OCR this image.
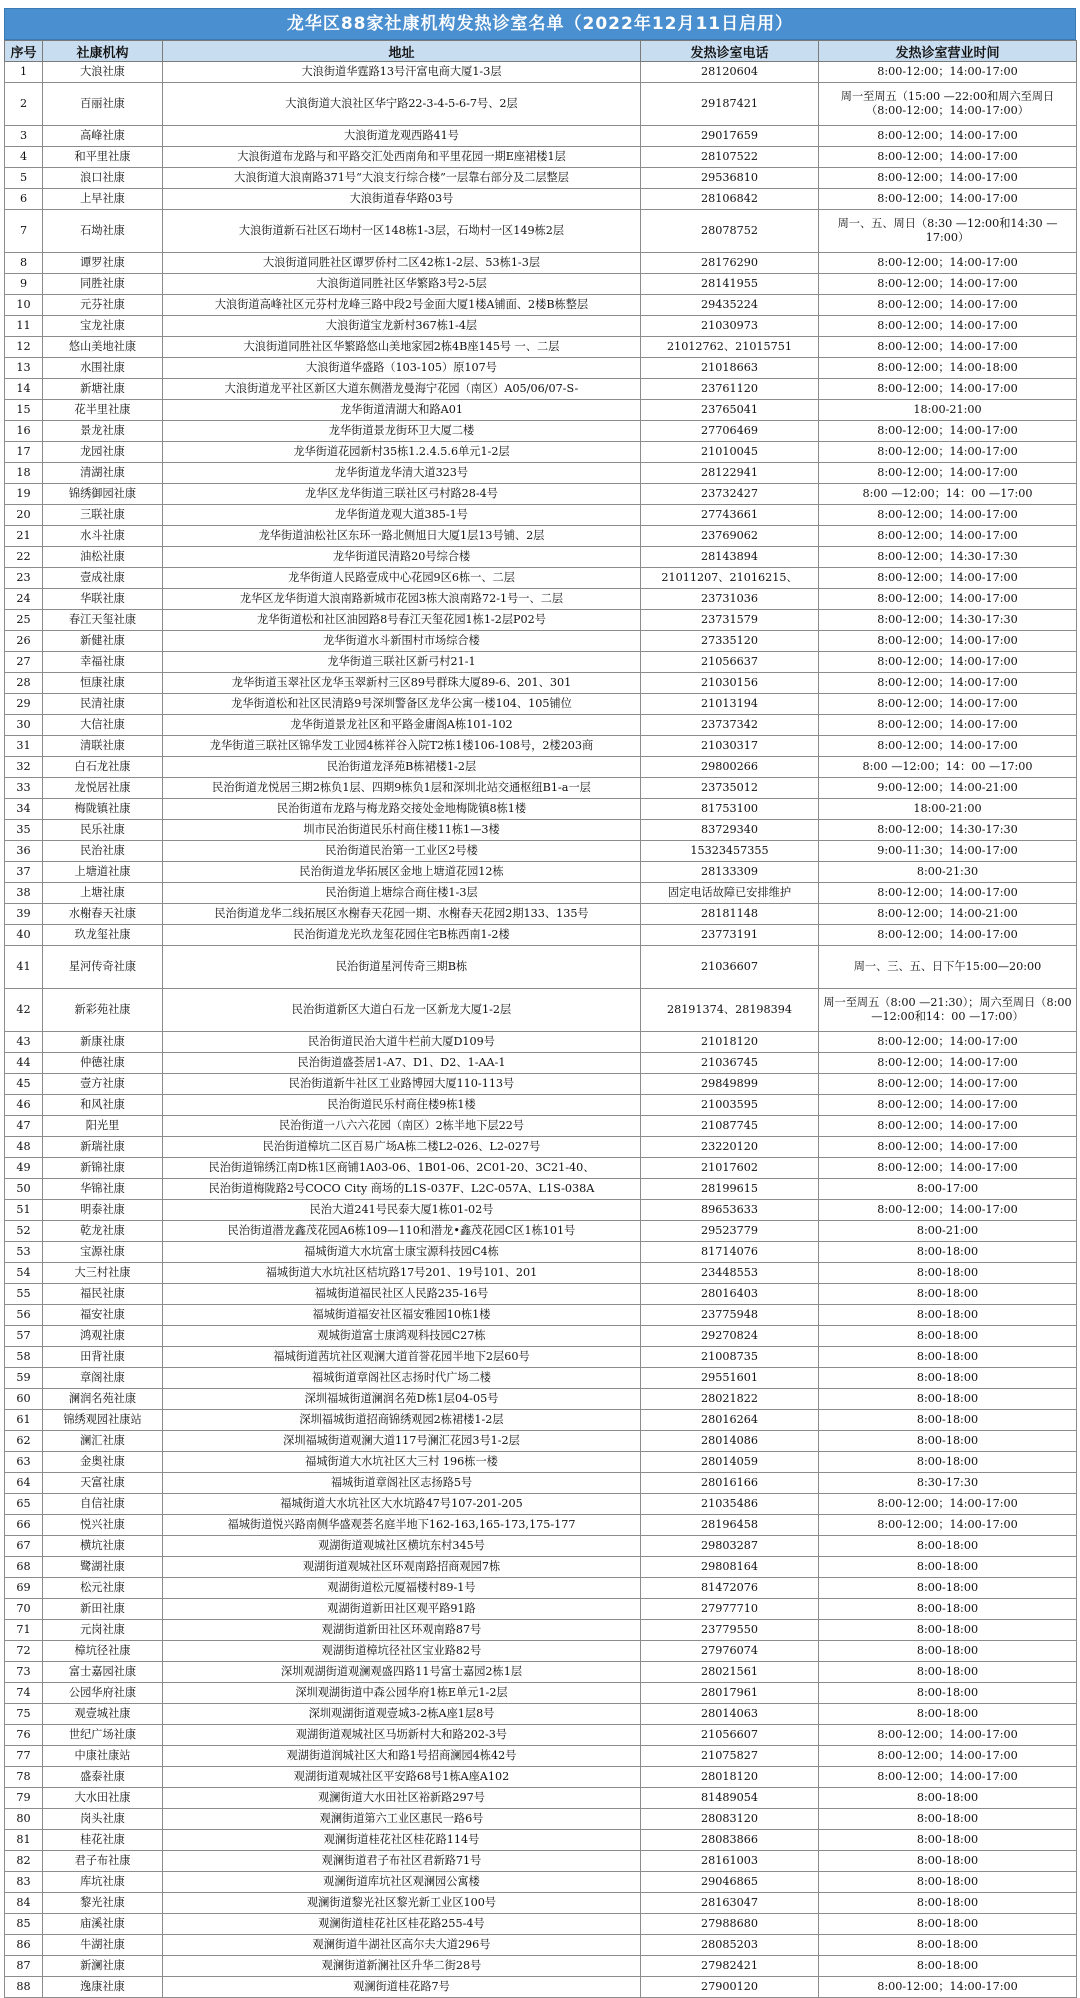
龙华区88家社康机构发热诊室名单（2022年12月11日启用）
序号	社康机构	地址	发热诊室电话	发热诊室营业时间
1	大浪社康	大浪街道华霆路13号汗富电商大厦1-3层	28120604	8:00-12:00；14:00-17:00
2	百丽社康	大浪街道大浪社区华宁路22-3-4-5-6-7号、2层	29187421	周一至周五（15:00 —22:00和周六至周日（8:00-12:00；14:00-17:00）
3	高峰社康	大浪街道龙观西路41号	29017659	8:00-12:00；14:00-17:00
4	和平里社康	大浪街道布龙路与和平路交汇处西南角和平里花园一期E座裙楼1层	28107522	8:00-12:00；14:00-17:00
5	浪口社康	大浪街道大浪南路371号“大浪支行综合楼”一层靠右部分及二层整层	29536810	8:00-12:00；14:00-17:00
6	上早社康	大浪街道春华路03号	28106842	8:00-12:00；14:00-17:00
7	石坳社康	大浪街道新石社区石坳村一区148栋1-3层，石坳村一区149栋2层	28078752	周一、五、周日（8:30 —12:00和14:30 —17:00）
8	谭罗社康	大浪街道同胜社区谭罗侨村二区42栋1-2层、53栋1-3层	28176290	8:00-12:00；14:00-17:00
9	同胜社康	大浪街道同胜社区华繁路3号2-5层	28141955	8:00-12:00；14:00-17:00
10	元芬社康	大浪街道高峰社区元芬村龙峰三路中段2号金面大厦1楼A铺面、2楼B栋整层	29435224	8:00-12:00；14:00-17:00
11	宝龙社康	大浪街道宝龙新村367栋1-4层	21030973	8:00-12:00；14:00-17:00
12	悠山美地社康	大浪街道同胜社区华繁路悠山美地家园2栋4B座145号 一、二层	21012762、21015751	8:00-12:00；14:00-17:00
13	水围社康	大浪街道华盛路（103-105）原107号	21018663	8:00-12:00；14:00-18:00
14	新塘社康	大浪街道龙平社区新区大道东侧潜龙曼海宁花园（南区）A05/06/07-S-	23761120	8:00-12:00；14:00-17:00
15	花半里社康	龙华街道清湖大和路A01	23765041	18:00-21:00
16	景龙社康	龙华街道景龙街环卫大厦二楼	27706469	8:00-12:00；14:00-17:00
17	龙园社康	龙华街道花园新村35栋1.2.4.5.6单元1-2层	21010045	8:00-12:00；14:00-17:00
18	清湖社康	龙华街道龙华清大道323号	28122941	8:00-12:00；14:00-17:00
19	锦绣御园社康	龙华区龙华街道三联社区弓村路28-4号	23732427	8:00 —12:00；14：00 —17:00
20	三联社康	龙华街道龙观大道385-1号	27743661	8:00-12:00；14:00-17:00
21	水斗社康	龙华街道油松社区东环一路北侧旭日大厦1层13号铺、2层	23769062	8:00-12:00；14:00-17:00
22	油松社康	龙华街道民清路20号综合楼	28143894	8:00-12:00；14:30-17:30
23	壹成社康	龙华街道人民路壹成中心花园9区6栋一、二层	21011207、21016215、	8:00-12:00；14:00-17:00
24	华联社康	龙华区龙华街道大浪南路新城市花园3栋大浪南路72-1号一、二层	23731036	8:00-12:00；14:00-17:00
25	春江天玺社康	龙华街道松和社区油园路8号春江天玺花园1栋1-2层P02号	23731579	8:00-12:00；14:30-17:30
26	新健社康	龙华街道水斗新围村市场综合楼	27335120	8:00-12:00；14:00-17:00
27	幸福社康	龙华街道三联社区新弓村21-1	21056637	8:00-12:00；14:00-17:00
28	恒康社康	龙华街道玉翠社区龙华玉翠新村三区89号群珠大厦89-6、201、301	21030156	8:00-12:00；14:00-17:00
29	民清社康	龙华街道松和社区民清路9号深圳警备区龙华公寓一楼104、105铺位	21013194	8:00-12:00；14:00-17:00
30	大信社康	龙华街道景龙社区和平路金庸阁A栋101-102	23737342	8:00-12:00；14:00-17:00
31	清联社康	龙华街道三联社区锦华发工业园4栋祥谷入院T2栋1楼106-108号，2楼203商	21030317	8:00-12:00；14:00-17:00
32	白石龙社康	民治街道龙泽苑B栋裙楼1-2层	29800266	8:00 —12:00；14：00 —17:00
33	龙悦居社康	民治街道龙悦居三期2栋负1层、四期9栋负1层和深圳北站交通枢纽B1-a一层	23735012	9:00-12:00；14:00-21:00
34	梅陇镇社康	民治街道布龙路与梅龙路交接处金地梅陇镇8栋1楼	81753100	18:00-21:00
35	民乐社康	圳市民治街道民乐村商住楼11栋1—3楼	83729340	8:00-12:00；14:30-17:30
36	民治社康	民治街道民治第一工业区2号楼	15323457355	9:00-11:30；14:00-17:00
37	上塘道社康	民治街道龙华拓展区金地上塘道花园12栋	28133309	8:00-21:30
38	上塘社康	民治街道上塘综合商住楼1-3层	固定电话故障已安排维护	8:00-12:00；14:00-17:00
39	水榭春天社康	民治街道龙华二线拓展区水榭春天花园一期、水榭春天花园2期133、135号	28181148	8:00-12:00；14:00-21:00
40	玖龙玺社康	民治街道龙光玖龙玺花园住宅B栋西南1-2楼	23773191	8:00-12:00；14:00-17:00
41	星河传奇社康	民治街道星河传奇三期B栋	21036607	周一、三、五、日下午15:00—20:00
42	新彩苑社康	民治街道新区大道白石龙一区新龙大厦1-2层	28191374、28198394	周一至周五（8:00 —21:30）；周六至周日（8:00 —12:00和14：00 —17:00）
43	新康社康	民治街道民治大道牛栏前大厦D109号	21018120	8:00-12:00；14:00-17:00
44	仲德社康	民治街道盛荟居1-A7、D1、D2、1-AA-1	21036745	8:00-12:00；14:00-17:00
45	壹方社康	民治街道新牛社区工业路博园大厦110-113号	29849899	8:00-12:00；14:00-17:00
46	和风社康	民治街道民乐村商住楼9栋1楼	21003595	8:00-12:00；14:00-17:00
47	阳光里	民治街道一八六六花园（南区）2栋半地下层22号	21087745	8:00-12:00；14:00-17:00
48	新瑞社康	民治街道樟坑二区百易广场A栋二楼L2-026、L2-027号	23220120	8:00-12:00；14:00-17:00
49	新锦社康	民治街道锦绣江南D栋1区商铺1A03-06、1B01-06、2C01-20、3C21-40、	21017602	8:00-12:00；14:00-17:00
50	华锦社康	民治街道梅陇路2号COCO City 商场的L1S-037F、L2C-057A、L1S-038A	28199615	8:00-17:00
51	明泰社康	民治大道241号民泰大厦1栋01-02号	89653633	8:00-12:00；14:00-17:00
52	乾龙社康	民治街道潜龙鑫茂花园A6栋109—110和潜龙•鑫茂花园C区1栋101号	29523779	8:00-21:00
53	宝源社康	福城街道大水坑富士康宝源科技园C4栋	81714076	8:00-18:00
54	大三村社康	福城街道大水坑社区桔坑路17号201、19号101、201	23448553	8:00-18:00
55	福民社康	福城街道福民社区人民路235-16号	28016403	8:00-18:00
56	福安社康	福城街道福安社区福安雅园10栋1楼	23775948	8:00-18:00
57	鸿观社康	观城街道富士康鸿观科技园C27栋	29270824	8:00-18:00
58	田背社康	福城街道茜坑社区观澜大道首誉花园半地下2层60号	21008735	8:00-18:00
59	章阁社康	福城街道章阁社区志扬时代广场二楼	29551601	8:00-18:00
60	澜润名苑社康	深圳福城街道澜润名苑D栋1层04-05号	28021822	8:00-18:00
61	锦绣观园社康站	深圳福城街道招商锦绣观园2栋裙楼1-2层	28016264	8:00-18:00
62	澜汇社康	深圳福城街道观澜大道117号澜汇花园3号1-2层	28014086	8:00-18:00
63	金奥社康	福城街道大水坑社区大三村 196栋一楼	28014059	8:00-18:00
64	天富社康	福城街道章阁社区志扬路5号	28016166	8:30-17:30
65	自信社康	福城街道大水坑社区大水坑路47号107-201-205	21035486	8:00-12:00；14:00-17:00
66	悦兴社康	福城街道悦兴路南侧华盛观荟名庭半地下162-163,165-173,175-177	28196458	8:00-12:00；14:00-17:00
67	横坑社康	观湖街道观城社区横坑东村345号	29803287	8:00-18:00
68	鹭湖社康	观湖街道观城社区环观南路招商观园7栋	29808164	8:00-18:00
69	松元社康	观湖街道松元厦福楼村89-1号	81472076	8:00-18:00
70	新田社康	观湖街道新田社区观平路91路	27977710	8:00-18:00
71	元岗社康	观湖街道新田社区环观南路87号	23779550	8:00-18:00
72	樟坑径社康	观湖街道樟坑径社区宝业路82号	27976074	8:00-18:00
73	富士嘉园社康	深圳观湖街道观澜观盛四路11号富士嘉园2栋1层	28021561	8:00-18:00
74	公园华府社康	深圳观湖街道中森公园华府1栋E单元1-2层	28017961	8:00-18:00
75	观壹城社康	深圳观湖街道观壹城3-2栋A座1层8号	28014063	8:00-18:00
76	世纪广场社康	观湖街道观城社区马坜新村大和路202-3号	21056607	8:00-12:00；14:00-17:00
77	中康社康站	观湖街道润城社区大和路1号招商澜园4栋42号	21075827	8:00-12:00；14:00-17:00
78	盛泰社康	观湖街道观城社区平安路68号1栋A座A102	28018120	8:00-12:00；14:00-17:00
79	大水田社康	观澜街道大水田社区裕新路297号	81489054	8:00-18:00
80	岗头社康	观澜街道第六工业区惠民一路6号	28083120	8:00-18:00
81	桂花社康	观澜街道桂花社区桂花路114号	28083866	8:00-18:00
82	君子布社康	观澜街道君子布社区君新路71号	28161003	8:00-18:00
83	库坑社康	观澜街道库坑社区观澜园公寓楼	29046865	8:00-18:00
84	黎光社康	观澜街道黎光社区黎光新工业区100号	28163047	8:00-18:00
85	庙溪社康	观澜街道桂花社区桂花路255-4号	27988680	8:00-18:00
86	牛湖社康	观澜街道牛湖社区高尔夫大道296号	28085203	8:00-18:00
87	新澜社康	观澜街道新澜社区升华二街28号	27982421	8:00-18:00
88	逸康社康	观澜街道桂花路7号	27900120	8:00-12:00；14:00-17:00
